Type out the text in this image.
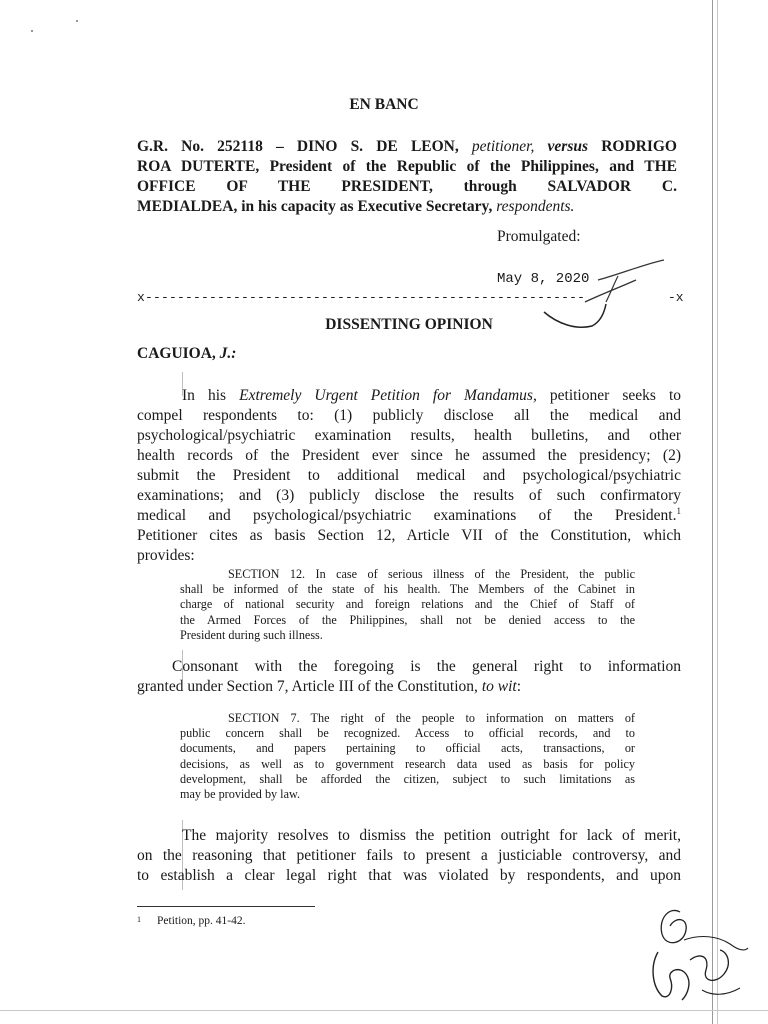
EN BANC
G.R. No. 252118 – DINO S. DE LEON, petitioner, versus RODRIGO
ROA DUTERTE, President of the Republic of the Philippines, and THE
OFFICE OF THE PRESIDENT, through SALVADOR C.
MEDIALDEA, in his capacity as Executive Secretary, respondents.
Promulgated:
May 8, 2020
x-------------------------------------------------------	-x
DISSENTING OPINION
CAGUIOA, J.:
In his Extremely Urgent Petition for Mandamus, petitioner seeks to
compel respondents to: (1) publicly disclose all the medical and
psychological/psychiatric examination results, health bulletins, and other
health records of the President ever since he assumed the presidency; (2)
submit the President to additional medical and psychological/psychiatric
examinations; and (3) publicly disclose the results of such confirmatory
medical and psychological/psychiatric examinations of the President.$^1$
Petitioner cites as basis Section 12, Article VII of the Constitution, which
provides:
SECTION 12. In case of serious illness of the President, the public
shall be informed of the state of his health. The Members of the Cabinet in
charge of national security and foreign relations and the Chief of Staff of
the Armed Forces of the Philippines, shall not be denied access to the
President during such illness.
Consonant with the foregoing is the general right to information
granted under Section 7, Article III of the Constitution, to wit:
SECTION 7. The right of the people to information on matters of
public concern shall be recognized. Access to official records, and to
documents, and papers pertaining to official acts, transactions, or
decisions, as well as to government research data used as basis for policy
development, shall be afforded the citizen, subject to such limitations as
may be provided by law.
The majority resolves to dismiss the petition outright for lack of merit,
on the reasoning that petitioner fails to present a justiciable controversy, and
to establish a clear legal right that was violated by respondents, and upon
1 Petition, pp. 41-42.
